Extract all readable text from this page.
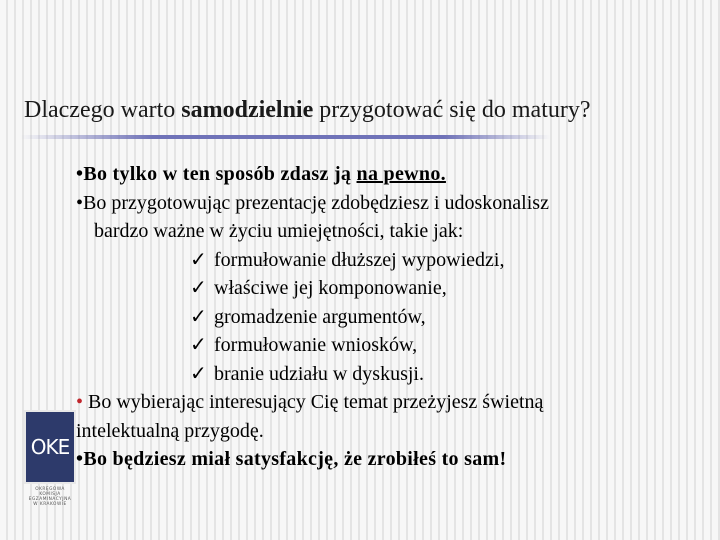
Dlaczego warto samodzielnie przygotować się do matury?
•Bo tylko w ten sposób zdasz ją na pewno.
•Bo przygotowując prezentację zdobędziesz i udoskonalisz
bardzo ważne w życiu umiejętności, takie jak:
✓ formułowanie dłuższej wypowiedzi,
✓ właściwe jej komponowanie,
✓ gromadzenie argumentów,
✓ formułowanie wniosków,
✓ branie udziału w dyskusji.
• Bo wybierając interesujący Cię temat przeżyjesz świetną
intelektualną przygodę.
•Bo będziesz miał satysfakcję, że zrobiłeś to sam!
OKE
OKRĘGOWA
KOMISJA
EGZAMINACYJNA
W KRAKOWIE
